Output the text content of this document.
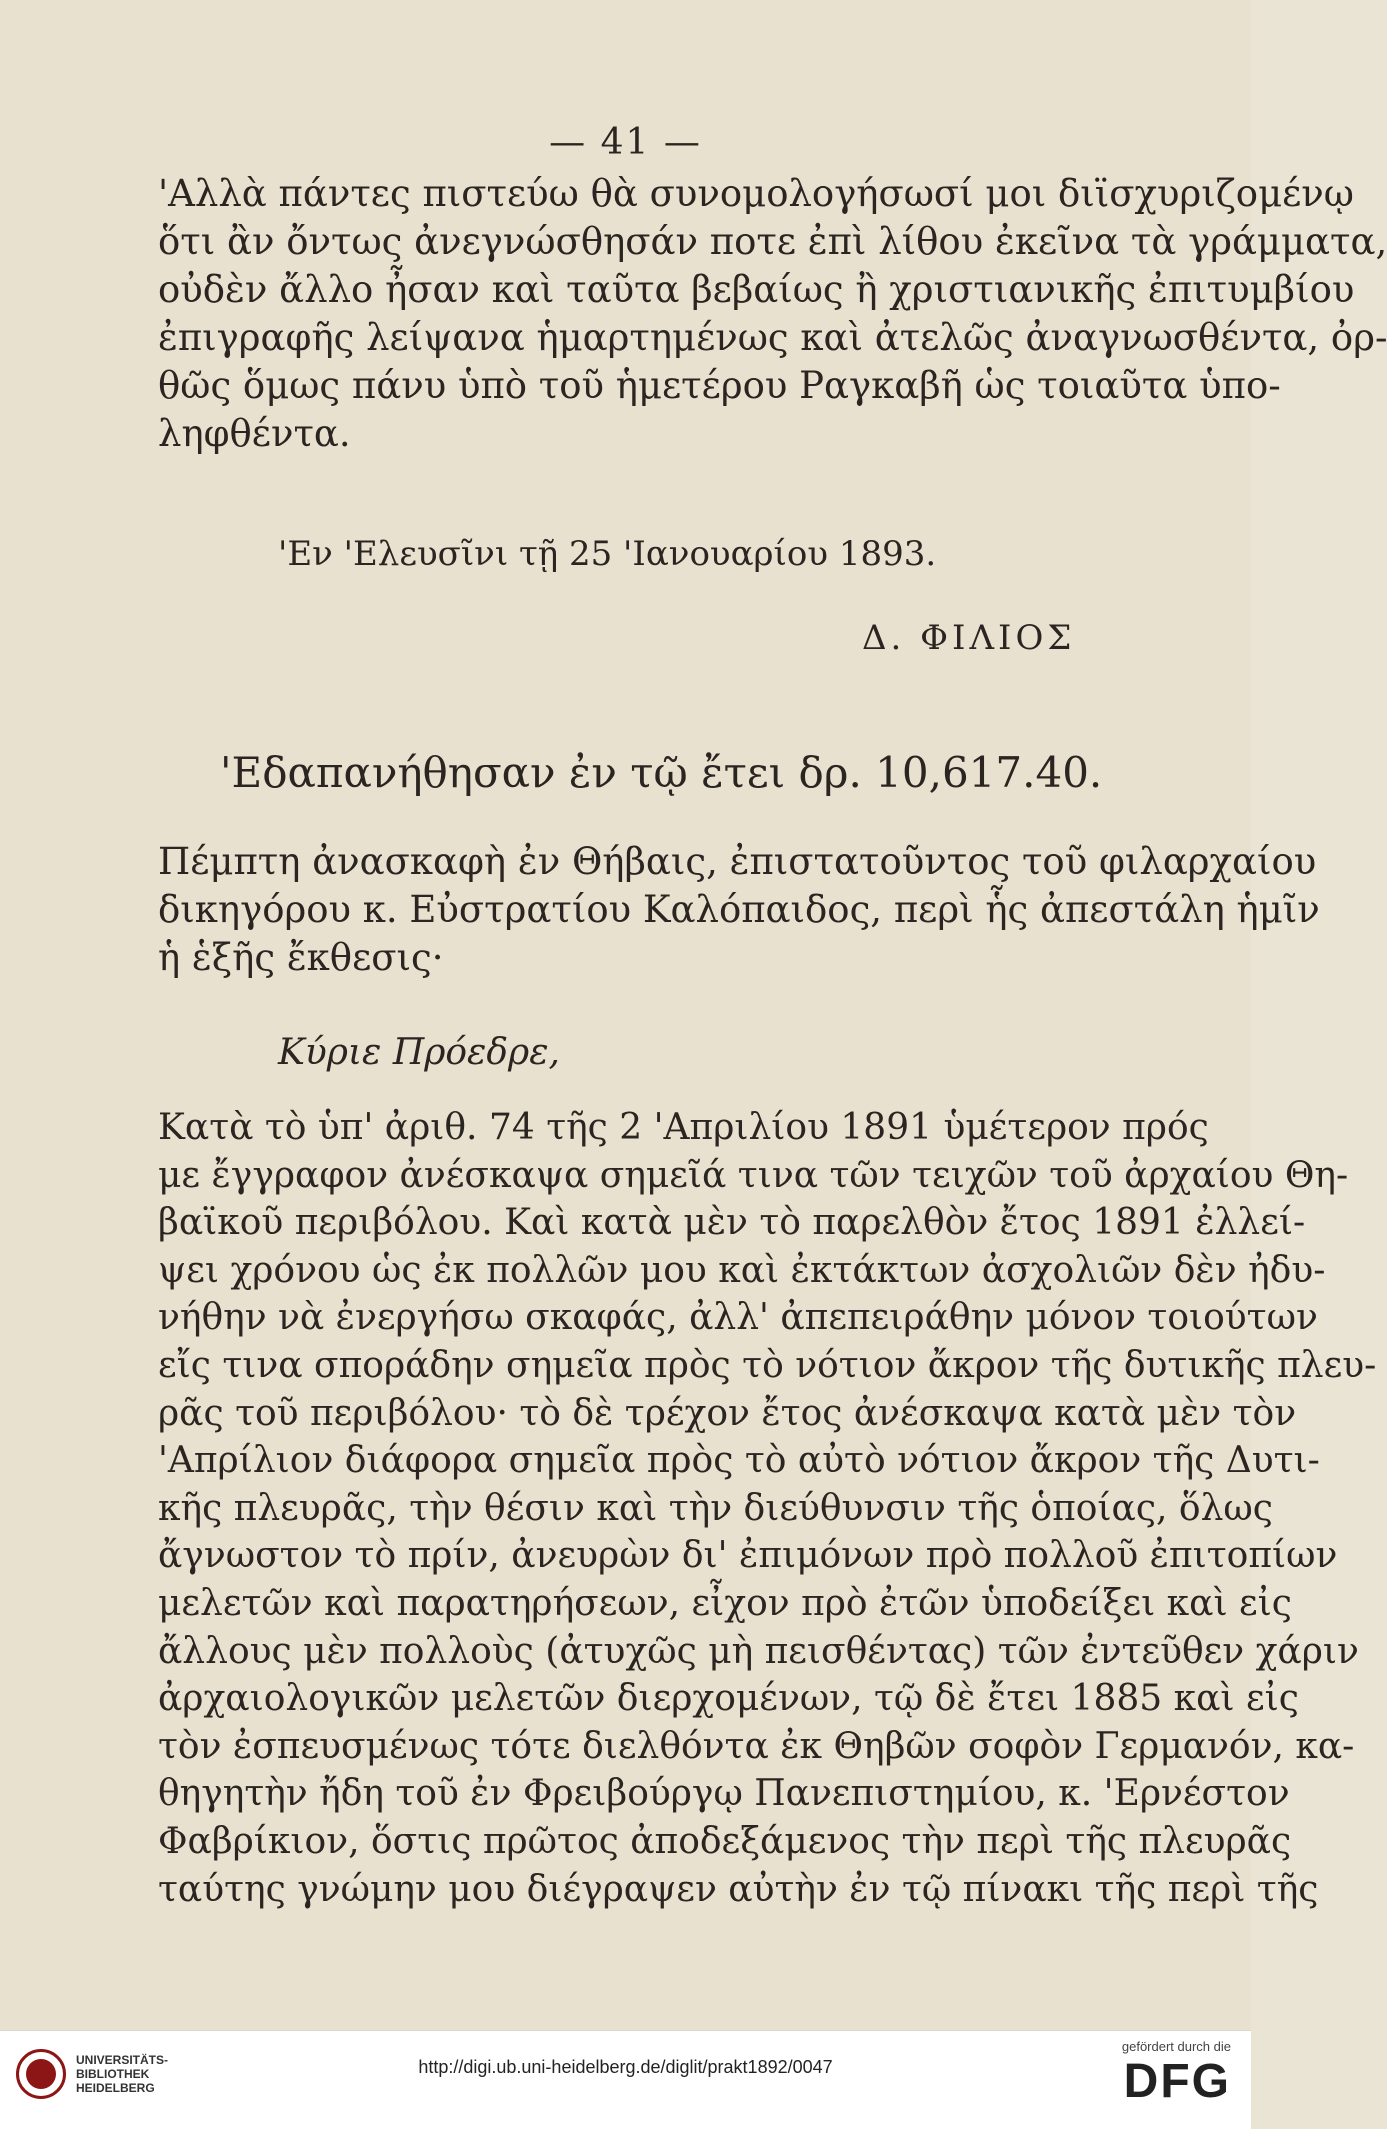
— 41 —
'Αλλὰ πάντες πιστεύω θὰ συνομολογήσωσί μοι διϊσχυριζομένῳ
ὅτι ἂν ὄντως ἀνεγνώσθησάν ποτε ἐπὶ λίθου ἐκεῖνα τὰ γράμματα,
οὐδὲν ἄλλο ἦσαν καὶ ταῦτα βεβαίως ἢ χριστιανικῆς ἐπιτυμβίου
ἐπιγραφῆς λείψανα ἡμαρτημένως καὶ ἀτελῶς ἀναγνωσθέντα, ὀρ-
θῶς ὅμως πάνυ ὑπὸ τοῦ ἡμετέρου Ραγκαβῆ ὡς τοιαῦτα ὑπο-
ληφθέντα.
'Εν 'Ελευσῖνι τῇ 25 'Ιανουαρίου 1893.
Δ. ΦΙΛΙΟΣ
'Εδαπανήθησαν ἐν τῷ ἔτει δρ. 10,617.40.
Πέμπτη ἀνασκαφὴ ἐν Θήβαις, ἐπιστατοῦντος τοῦ φιλαρχαίου
δικηγόρου κ. Εὐστρατίου Καλόπαιδος, περὶ ἧς ἀπεστάλη ἡμῖν
ἡ ἑξῆς ἔκθεσις·
Κύριε Πρόεδρε,
Κατὰ τὸ ὑπ' ἀριθ. 74 τῆς 2 'Απριλίου 1891 ὑμέτερον πρός
με ἔγγραφον ἀνέσκαψα σημεῖά τινα τῶν τειχῶν τοῦ ἀρχαίου Θη-
βαϊκοῦ περιβόλου. Καὶ κατὰ μὲν τὸ παρελθὸν ἔτος 1891 ἐλλεί-
ψει χρόνου ὡς ἐκ πολλῶν μου καὶ ἐκτάκτων ἀσχολιῶν δὲν ἠδυ-
νήθην νὰ ἐνεργήσω σκαφάς, ἀλλ' ἀπεπειράθην μόνον τοιούτων
εἴς τινα σποράδην σημεῖα πρὸς τὸ νότιον ἄκρον τῆς δυτικῆς πλευ-
ρᾶς τοῦ περιβόλου· τὸ δὲ τρέχον ἔτος ἀνέσκαψα κατὰ μὲν τὸν
'Απρίλιον διάφορα σημεῖα πρὸς τὸ αὐτὸ νότιον ἄκρον τῆς Δυτι-
κῆς πλευρᾶς, τὴν θέσιν καὶ τὴν διεύθυνσιν τῆς ὁποίας, ὅλως
ἄγνωστον τὸ πρίν, ἀνευρὼν δι' ἐπιμόνων πρὸ πολλοῦ ἐπιτοπίων
μελετῶν καὶ παρατηρήσεων, εἶχον πρὸ ἐτῶν ὑποδείξει καὶ εἰς
ἄλλους μὲν πολλοὺς (ἀτυχῶς μὴ πεισθέντας) τῶν ἐντεῦθεν χάριν
ἀρχαιολογικῶν μελετῶν διερχομένων, τῷ δὲ ἔτει 1885 καὶ εἰς
τὸν ἐσπευσμένως τότε διελθόντα ἐκ Θηβῶν σοφὸν Γερμανόν, κα-
θηγητὴν ἤδη τοῦ ἐν Φρειβούργῳ Πανεπιστημίου, κ. 'Ερνέστον
Φαβρίκιον, ὅστις πρῶτος ἀποδεξάμενος τὴν περὶ τῆς πλευρᾶς
ταύτης γνώμην μου διέγραψεν αὐτὴν ἐν τῷ πίνακι τῆς περὶ τῆς
UNIVERSITÄTS-
BIBLIOTHEK
HEIDELBERG
http://digi.ub.uni-heidelberg.de/diglit/prakt1892/0047
gefördert durch die
DFG
